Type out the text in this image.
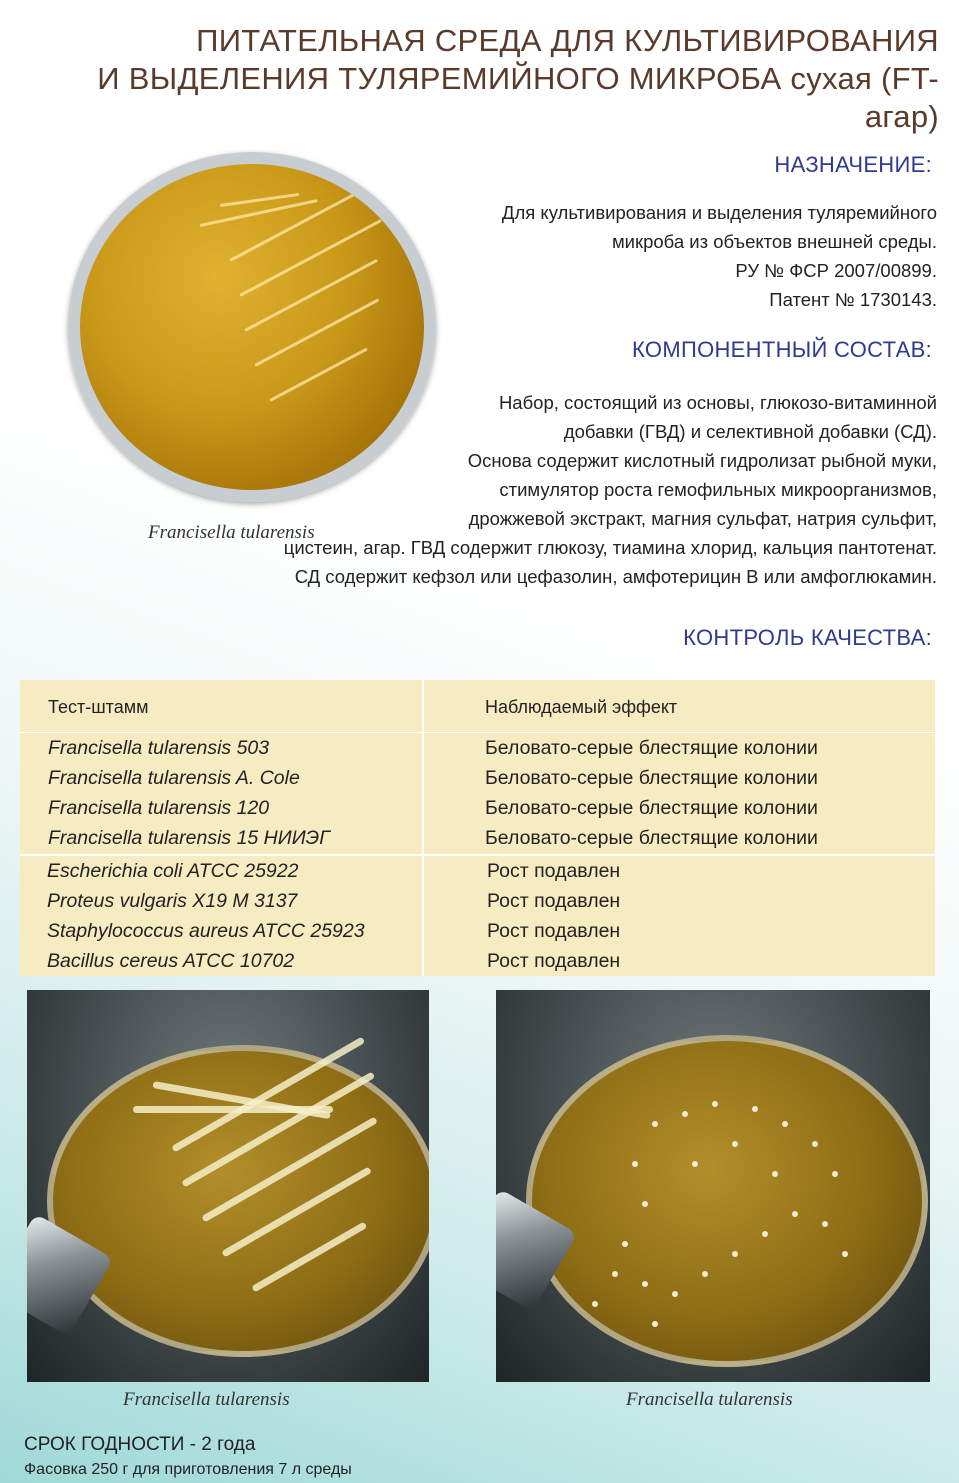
ПИТАТЕЛЬНАЯ СРЕДА ДЛЯ КУЛЬТИВИРОВАНИЯ
И ВЫДЕЛЕНИЯ ТУЛЯРЕМИЙНОГО МИКРОБА сухая (FT-агар)
Francisella tularensis
НАЗНАЧЕНИЕ:
Для культивирования и выделения туляремийного
микроба из объектов внешней среды.
РУ № ФСР 2007/00899.
Патент № 1730143.
КОМПОНЕНТНЫЙ СОСТАВ:
Набор, состоящий из основы, глюкозо-витаминной
добавки (ГВД) и селективной добавки (СД).
Основа содержит кислотный гидролизат рыбной муки,
стимулятор роста гемофильных микроорганизмов,
дрожжевой экстракт, магния сульфат, натрия сульфит,
цистеин, агар. ГВД содержит глюкозу, тиамина хлорид, кальция пантотенат.
СД содержит кефзол или цефазолин, амфотерицин В или амфоглюкамин.
КОНТРОЛЬ КАЧЕСТВА:
Тест-штамм	Наблюдаемый эффект
Francisella tularensis 503	Беловато-серые блестящие колонии
Francisella tularensis A. Cole	Беловато-серые блестящие колонии
Francisella tularensis 120	Беловато-серые блестящие колонии
Francisella tularensis 15 НИИЭГ	Беловато-серые блестящие колонии
Escherichia coli ATCC 25922	Рост подавлен
Proteus vulgaris X19 M 3137	Рост подавлен
Staphylococcus aureus ATCC 25923	Рост подавлен
Bacillus cereus ATCC 10702	Рост подавлен
Francisella tularensis	Francisella tularensis
СРОК ГОДНОСТИ - 2 года
Фасовка 250 г для приготовления 7 л среды
